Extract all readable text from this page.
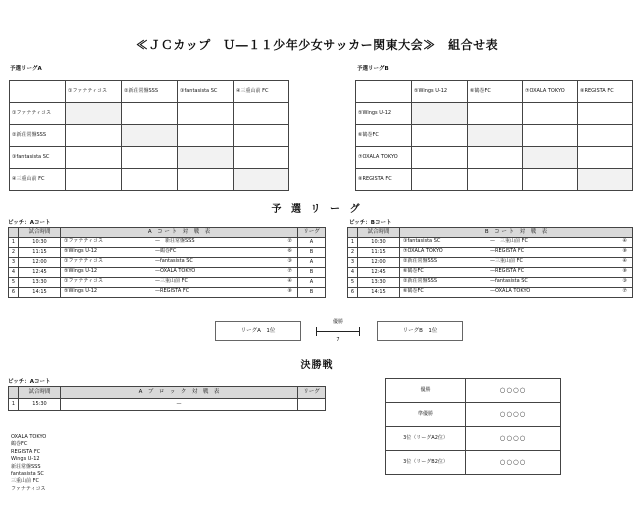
≪ＪＣカップ　Ｕ―１１少年少女サッカー関東大会≫　組合せ表
予選リーグA
	①ファナティコス	②新荘常盤SSS	③fantasista SC	④三重山前 FC
①ファナティコス				
②新荘常盤SSS				
③fantasista SC				
④三重山前 FC				
予選リーグB
	⑤Wings U-12	⑥鶴巻FC	⑦OXALA TOKYO	⑧REGISTA FC
⑤Wings U-12				
⑥鶴巻FC				
⑦OXALA TOKYO				
⑧REGISTA FC				
予 選 リ ー グ
ピッチ：Aコート
	試合時間	A　コ ー ト　対　戦　表	リーグ
1	10:30	①ファナティコス —　新荘常盤SSS ②	A
2	11:15	⑤Wings U-12 —鶴巻FC ⑥	B
3	12:00	①ファナティコス —fantasista SC ③	A
4	12:45	⑤Wings U-12 —OXALA TOKYO ⑦	B
5	13:30	①ファナティコス —三重山前 FC ④	A
6	14:15	⑤Wings U-12 —REGISTA FC ⑧	B
ピッチ：Bコート
	試合時間	B　コ ー ト　対　戦　表
1	10:30	③fantasista SC —　三重山前 FC ④

2	11:15	⑦OXALA TOKYO —REGISTA FC ⑧

3	12:00	②新荘常盤SSS —三重山前 FC ④

4	12:45	⑥鶴巻FC —REGISTA FC ⑧

5	13:30	②新荘常盤SSS —fantasista SC ③

6	14:15	⑥鶴巻FC —OXALA TOKYO ⑦
リーグA　1位	リーグB　1位
優勝
7
決勝戦
ピッチ：Aコート
	試合時間	A　ブ　ロ　ッ　ク　対　戦　表	リーグ
1	15:30	—	
優勝	○○○○
準優勝	○○○○
3位（リーグA2位）	○○○○
3位（リーグB2位）	○○○○
OXALA TOKYO
鶴巻FC
REGISTA FC
Wings U-12
新荘常盤SSS
fantasista SC
三重山前 FC
ファナティコス
